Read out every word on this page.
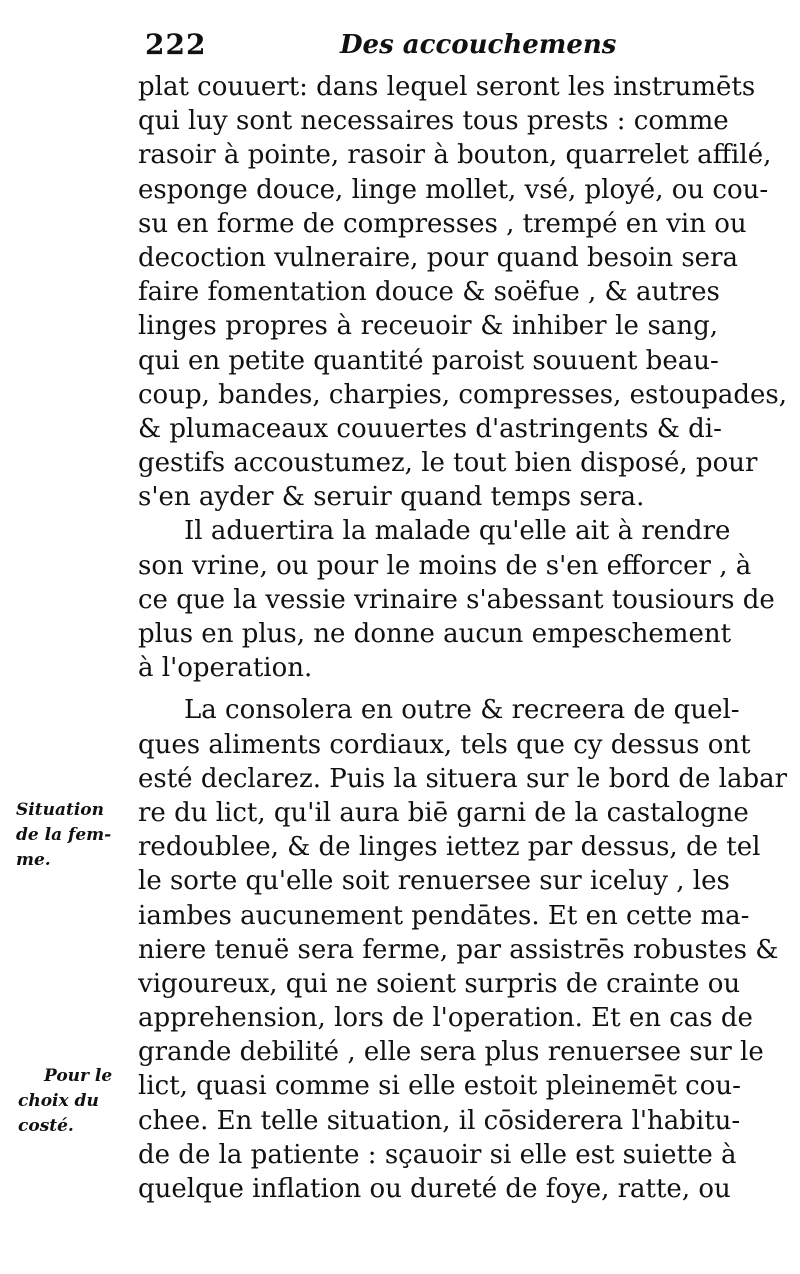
222	Des accouchemens
plat couuert: dans lequel seront les instrumēts
qui luy sont necessaires tous prests : comme
rasoir à pointe, rasoir à bouton, quarrelet affilé,
esponge douce, linge mollet, vsé, ployé, ou cou-
su en forme de compresses , trempé en vin ou
decoction vulneraire, pour quand besoin sera
faire fomentation douce & soëfue , & autres
linges propres à receuoir & inhiber le sang,
qui en petite quantité paroist souuent beau-
coup, bandes, charpies, compresses, estoupades,
& plumaceaux couuertes d'astringents & di-
gestifs accoustumez, le tout bien disposé, pour
s'en ayder & seruir quand temps sera.
Il aduertira la malade qu'elle ait à rendre
son vrine, ou pour le moins de s'en efforcer , à
ce que la vessie vrinaire s'abessant tousiours de
plus en plus, ne donne aucun empeschement
à l'operation.
La consolera en outre & recreera de quel-
ques aliments cordiaux, tels que cy dessus ont
esté declarez. Puis la situera sur le bord de labar
re du lict, qu'il aura biē garni de la castalogne
redoublee, & de linges iettez par dessus, de tel
le sorte qu'elle soit renuersee sur iceluy , les
iambes aucunement pendātes. Et en cette ma-
niere tenuë sera ferme, par assistrēs robustes &
vigoureux, qui ne soient surpris de crainte ou
apprehension, lors de l'operation. Et en cas de
grande debilité , elle sera plus renuersee sur le
lict, quasi comme si elle estoit pleinemēt cou-
chee. En telle situation, il cōsiderera l'habitu-
de de la patiente : sçauoir si elle est suiette à
quelque inflation ou dureté de foye, ratte, ou
Situation
de la fem-
me.
Pour le
choix du
costé.
